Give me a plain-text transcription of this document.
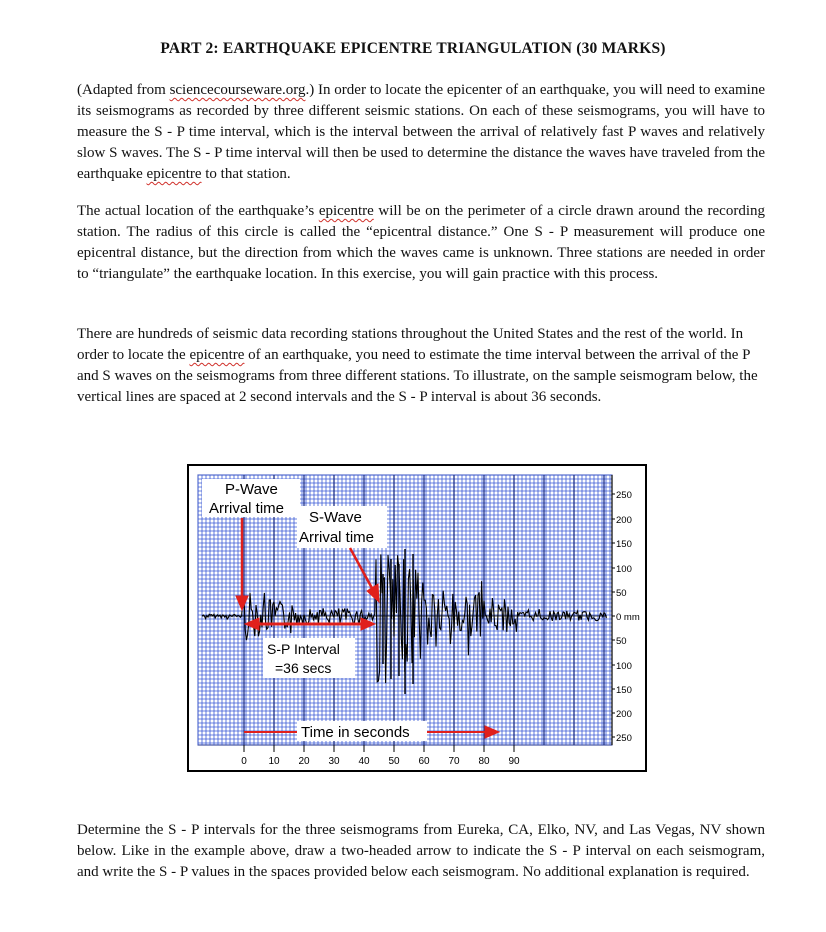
PART 2: EARTHQUAKE EPICENTRE TRIANGULATION (30 MARKS)
(Adapted from sciencecourseware.org.) In order to locate the epicenter of an earthquake, you will need to examine its seismograms as recorded by three different seismic stations. On each of these seismograms, you will have to measure the S - P time interval, which is the interval between the arrival of relatively fast P waves and relatively slow S waves. The S - P time interval will then be used to determine the distance the waves have traveled from the earthquake epicentre to that station.
The actual location of the earthquake’s epicentre will be on the perimeter of a circle drawn around the recording station. The radius of this circle is called the “epicentral distance.” One S - P measurement will produce one epicentral distance, but the direction from which the waves came is unknown. Three stations are needed in order to “triangulate” the earthquake location. In this exercise, you will gain practice with this process.
There are hundreds of seismic data recording stations throughout the United States and the rest of the world. In order to locate the epicentre of an earthquake, you need to estimate the time interval between the arrival of the P and S waves on the seismograms from three different stations. To illustrate, on the sample seismogram below, the vertical lines are spaced at 2 second intervals and the S - P interval is about 36 seconds.
250
200
150
100
50
0 mm
50
100
150
200
250
0 10 20 30 40 50 60 70 80 90
P-Wave
Arrival time
S-Wave
Arrival time
S-P Interval
=36 secs
Time in seconds
Determine the S - P intervals for the three seismograms from Eureka, CA, Elko, NV, and Las Vegas, NV shown below. Like in the example above, draw a two-headed arrow to indicate the S - P interval on each seismogram, and write the S - P values in the spaces provided below each seismogram. No additional explanation is required.
